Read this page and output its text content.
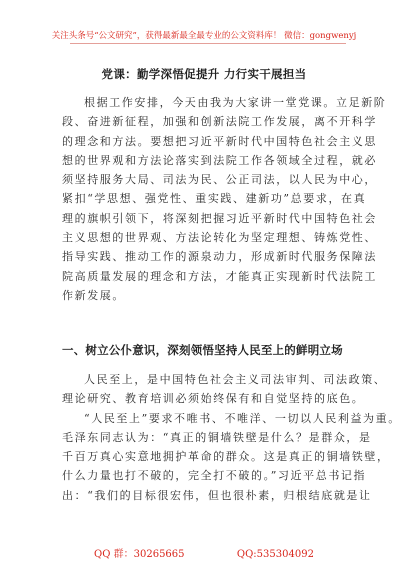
关注头条号“公文研究”，获得最新最全最专业的公文资料库！ 微信：gongwenyj
党课：勤学深悟促提升 力行实干展担当
根据工作安排，今天由我为大家讲一堂党课。立足新阶
段、奋进新征程，加强和创新法院工作发展，离不开科学
的理念和方法。要想把习近平新时代中国特色社会主义思
想的世界观和方法论落实到法院工作各领域全过程，就必
须坚持服务大局、司法为民、公正司法，以人民为中心，
紧扣“学思想、强党性、重实践、建新功”总要求，在真
理的旗帜引领下，将深刻把握习近平新时代中国特色社会
主义思想的世界观、方法论转化为坚定理想、铸炼党性、
指导实践、推动工作的源泉动力，形成新时代服务保障法
院高质量发展的理念和方法，才能真正实现新时代法院工
作新发展。
一、树立公仆意识，深刻领悟坚持人民至上的鲜明立场
人民至上，是中国特色社会主义司法审判、司法政策、
理论研究、教育培训必须始终保有和自觉坚持的底色。
“人民至上”要求不唯书、不唯洋、一切以人民利益为重。
毛泽东同志认为：“真正的铜墙铁壁是什么？是群众，是
千百万真心实意地拥护革命的群众。这是真正的铜墙铁壁，
什么力量也打不破的，完全打不破的。”习近平总书记指
出：“我们的目标很宏伟，但也很朴素，归根结底就是让
QQ 群：30265665	QQ:535304092
